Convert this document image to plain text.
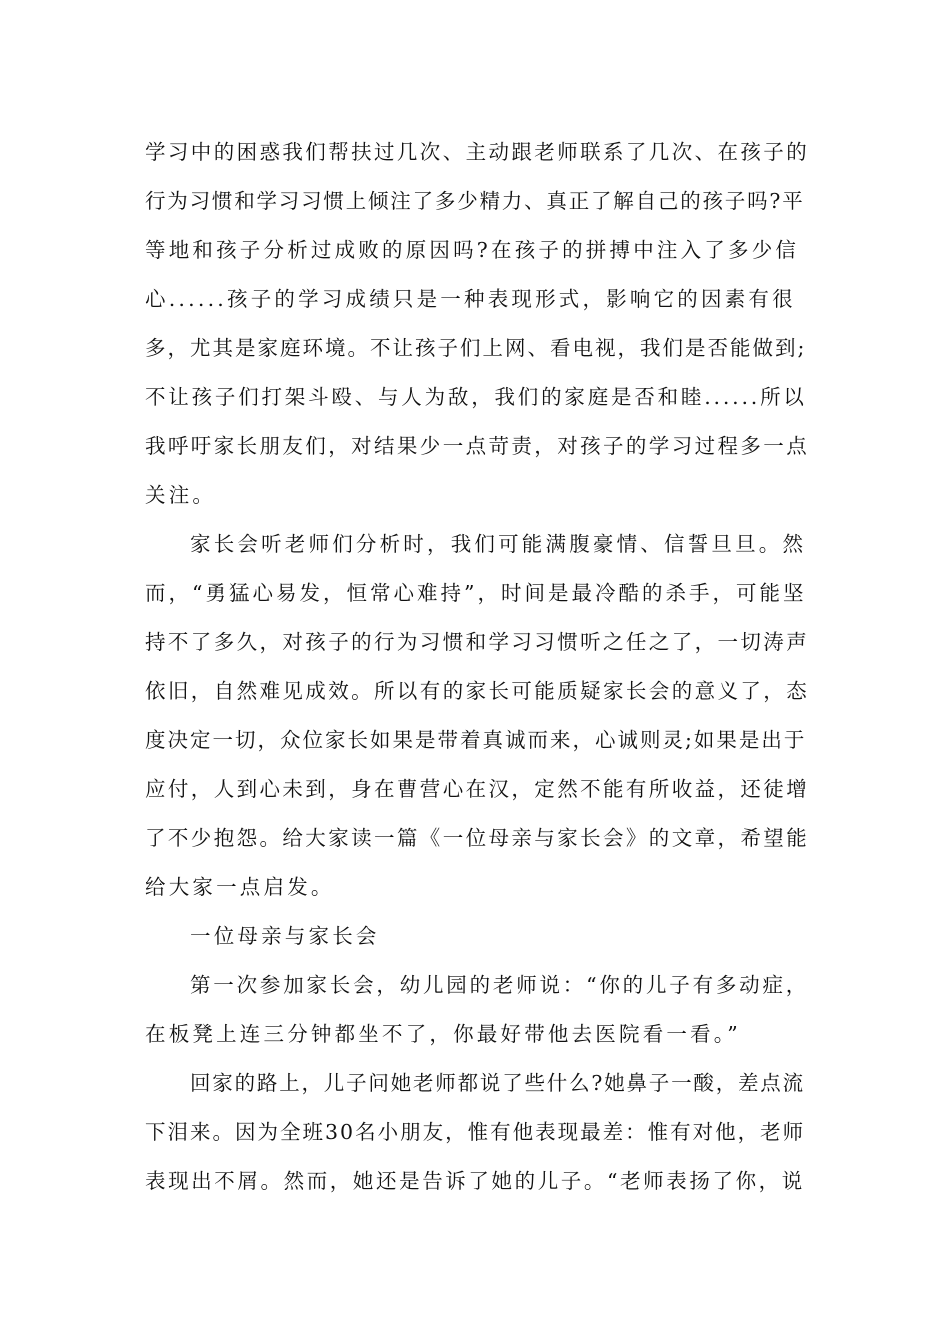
学习中的困惑我们帮扶过几次、主动跟老师联系了几次、在孩子的
行为习惯和学习习惯上倾注了多少精力、真正了解自己的孩子吗?平
等地和孩子分析过成败的原因吗?在孩子的拼搏中注入了多少信
心......孩子的学习成绩只是一种表现形式，影响它的因素有很
多，尤其是家庭环境。不让孩子们上网、看电视，我们是否能做到;
不让孩子们打架斗殴、与人为敌，我们的家庭是否和睦......所以
我呼吁家长朋友们，对结果少一点苛责，对孩子的学习过程多一点
关注。
家长会听老师们分析时，我们可能满腹豪情、信誓旦旦。然
而，“勇猛心易发，恒常心难持”，时间是最冷酷的杀手，可能坚
持不了多久，对孩子的行为习惯和学习习惯听之任之了，一切涛声
依旧，自然难见成效。所以有的家长可能质疑家长会的意义了，态
度决定一切，众位家长如果是带着真诚而来，心诚则灵;如果是出于
应付，人到心未到，身在曹营心在汉，定然不能有所收益，还徒增
了不少抱怨。给大家读一篇《一位母亲与家长会》的文章，希望能
给大家一点启发。
一位母亲与家长会
第一次参加家长会，幼儿园的老师说：“你的儿子有多动症，
在板凳上连三分钟都坐不了，你最好带他去医院看一看。”
回家的路上，儿子问她老师都说了些什么?她鼻子一酸，差点流
下泪来。因为全班30名小朋友，惟有他表现最差：惟有对他，老师
表现出不屑。然而，她还是告诉了她的儿子。“老师表扬了你，说
